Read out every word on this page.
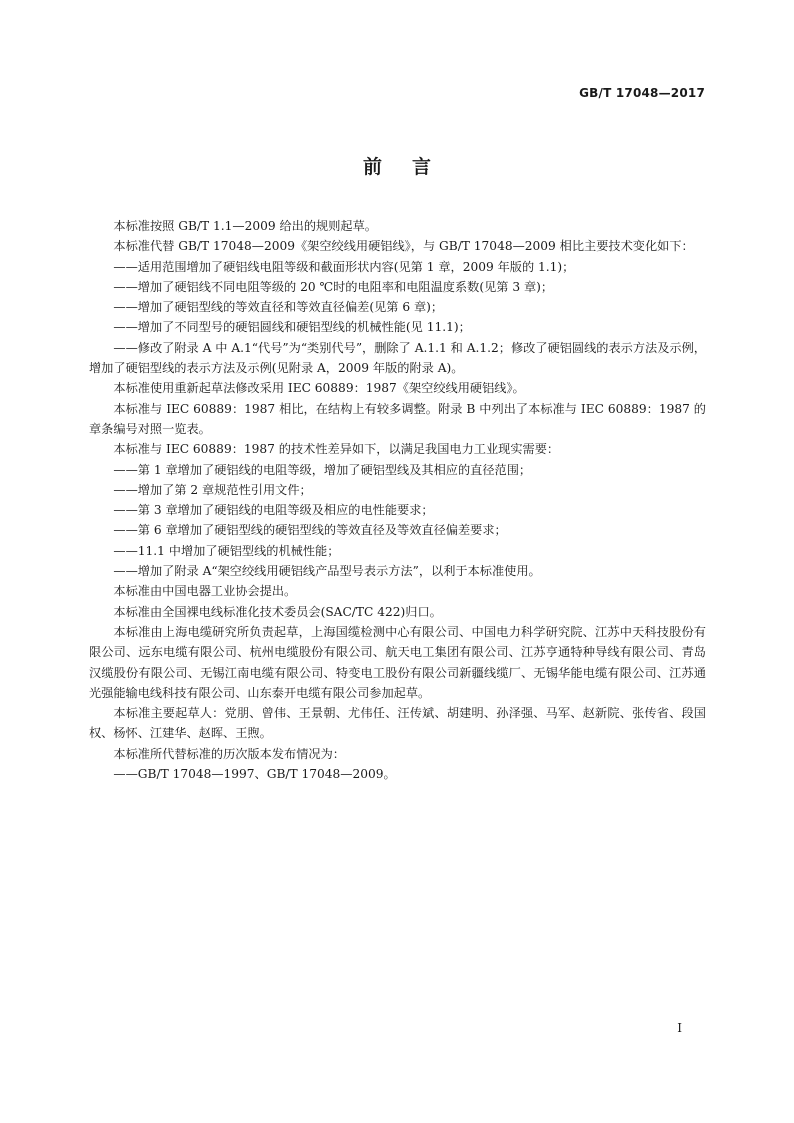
GB/T 17048—2017
前言

本标准按照 GB/T 1.1—2009 给出的规则起草。

本标准代替 GB/T 17048—2009《架空绞线用硬铝线》，与 GB/T 17048—2009 相比主要技术变化如下：

——适用范围增加了硬铝线电阻等级和截面形状内容(见第 1 章，2009 年版的 1.1)；

——增加了硬铝线不同电阻等级的 20 ℃时的电阻率和电阻温度系数(见第 3 章)；

——增加了硬铝型线的等效直径和等效直径偏差(见第 6 章)；

——增加了不同型号的硬铝圆线和硬铝型线的机械性能(见 11.1)；

——修改了附录 A 中 A.1“代号”为“类别代号”，删除了 A.1.1 和 A.1.2；修改了硬铝圆线的表示方法及示例，增加了硬铝型线的表示方法及示例(见附录 A，2009 年版的附录 A)。

本标准使用重新起草法修改采用 IEC 60889：1987《架空绞线用硬铝线》。

本标准与 IEC 60889：1987 相比，在结构上有较多调整。附录 B 中列出了本标准与 IEC 60889：1987 的章条编号对照一览表。

本标准与 IEC 60889：1987 的技术性差异如下，以满足我国电力工业现实需要：

——第 1 章增加了硬铝线的电阻等级，增加了硬铝型线及其相应的直径范围；

——增加了第 2 章规范性引用文件；

——第 3 章增加了硬铝线的电阻等级及相应的电性能要求；

——第 6 章增加了硬铝型线的硬铝型线的等效直径及等效直径偏差要求；

——11.1 中增加了硬铝型线的机械性能；

——增加了附录 A“架空绞线用硬铝线产品型号表示方法”，以利于本标准使用。

本标准由中国电器工业协会提出。

本标准由全国裸电线标准化技术委员会(SAC/TC 422)归口。

本标准由上海电缆研究所负责起草，上海国缆检测中心有限公司、中国电力科学研究院、江苏中天科技股份有限公司、远东电缆有限公司、杭州电缆股份有限公司、航天电工集团有限公司、江苏亨通特种导线有限公司、青岛汉缆股份有限公司、无锡江南电缆有限公司、特变电工股份有限公司新疆线缆厂、无锡华能电缆有限公司、江苏通光强能输电线科技有限公司、山东泰开电缆有限公司参加起草。

本标准主要起草人：党朋、曾伟、王景朝、尤伟任、汪传斌、胡建明、孙泽强、马军、赵新院、张传省、段国权、杨怀、江建华、赵晖、王煦。

本标准所代替标准的历次版本发布情况为：

——GB/T 17048—1997、GB/T 17048—2009。

I
